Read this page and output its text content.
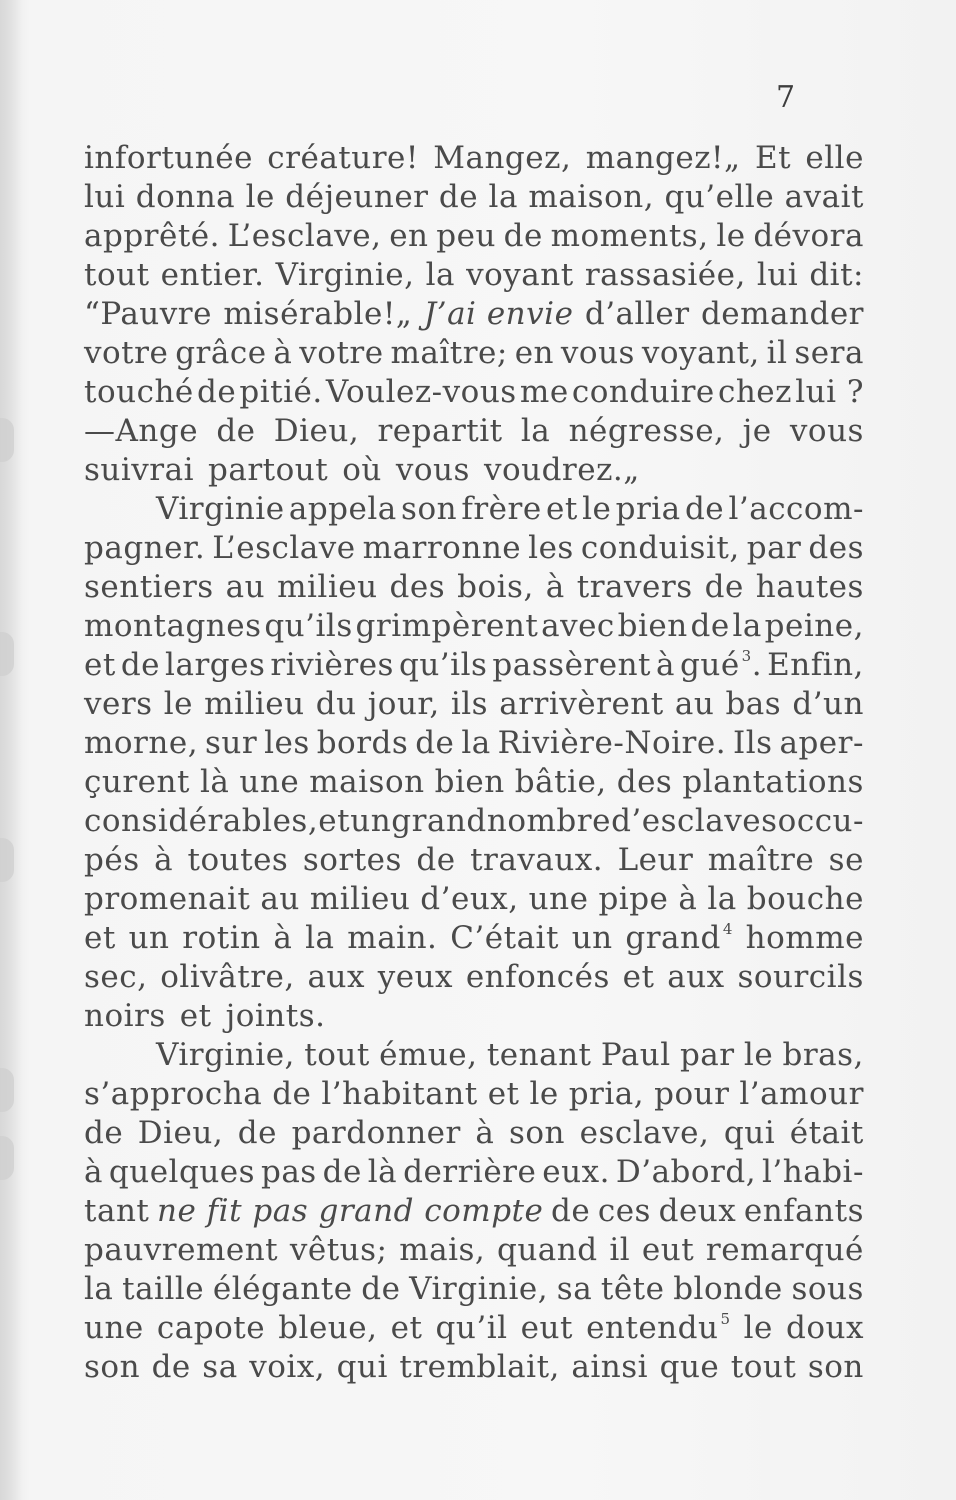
7
infortunée créature! Mangez, mangez!„ Et elle
lui donna le déjeuner de la maison, qu’elle avait
apprêté. L’esclave, en peu de moments, le dévora
tout entier. Virginie, la voyant rassasiée, lui dit:
“Pauvre misérable!„ J’ai envie d’aller demander
votre grâce à votre maître; en vous voyant, il sera
touché de pitié. Voulez-vous me conduire chez lui ?
—Ange de Dieu, repartit la négresse, je vous
suivrai partout où vous voudrez.„
Virginie appela son frère et le pria de l’accom-
pagner. L’esclave marronne les conduisit, par des
sentiers au milieu des bois, à travers de hautes
montagnes qu’ils grimpèrent avec bien de la peine,
et de larges rivières qu’ils passèrent à gué $^3$. Enfin,
vers le milieu du jour, ils arrivèrent au bas d’un
morne, sur les bords de la Rivière-Noire. Ils aper-
çurent là une maison bien bâtie, des plantations
considérables, et un grand nombre d’esclaves occu-
pés à toutes sortes de travaux. Leur maître se
promenait au milieu d’eux, une pipe à la bouche
et un rotin à la main. C’était un grand $^4$ homme
sec, olivâtre, aux yeux enfoncés et aux sourcils
noirs et joints.
Virginie, tout émue, tenant Paul par le bras,
s’approcha de l’habitant et le pria, pour l’amour
de Dieu, de pardonner à son esclave, qui était
à quelques pas de là derrière eux. D’abord, l’habi-
tant ne fit pas grand compte de ces deux enfants
pauvrement vêtus; mais, quand il eut remarqué
la taille élégante de Virginie, sa tête blonde sous
une capote bleue, et qu’il eut entendu $^5$ le doux
son de sa voix, qui tremblait, ainsi que tout son
